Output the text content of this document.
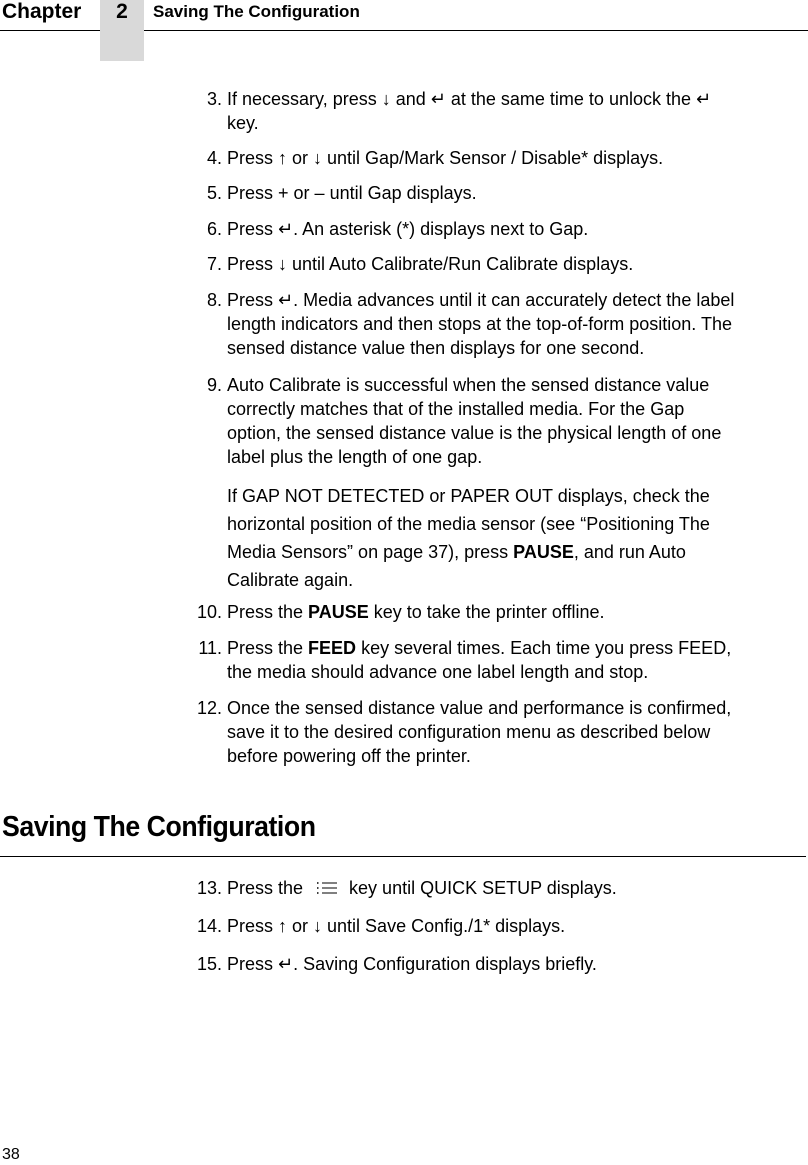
Chapter	2	Saving The Configuration
3. If necessary, press ↓ and ↵ at the same time to unlock the ↵
key.
4. Press ↑ or ↓ until Gap/Mark Sensor / Disable* displays.
5. Press + or – until Gap displays.
6. Press ↵. An asterisk (*) displays next to Gap.
7. Press ↓ until Auto Calibrate/Run Calibrate displays.
8. Press ↵. Media advances until it can accurately detect the label
length indicators and then stops at the top-of-form position. The
sensed distance value then displays for one second.
9. Auto Calibrate is successful when the sensed distance value
correctly matches that of the installed media. For the Gap
option, the sensed distance value is the physical length of one
label plus the length of one gap.
If GAP NOT DETECTED or PAPER OUT displays, check the
horizontal position of the media sensor (see “Positioning The
Media Sensors” on page 37), press PAUSE, and run Auto
Calibrate again.
10. Press the PAUSE key to take the printer offline.
11. Press the FEED key several times. Each time you press FEED,
the media should advance one label length and stop.
12. Once the sensed distance value and performance is confirmed,
save it to the desired configuration menu as described below
before powering off the printer.
Saving The Configuration
13. Press the  key until QUICK SETUP displays.
14. Press ↑ or ↓ until Save Config./1* displays.
15. Press ↵. Saving Configuration displays briefly.
38
